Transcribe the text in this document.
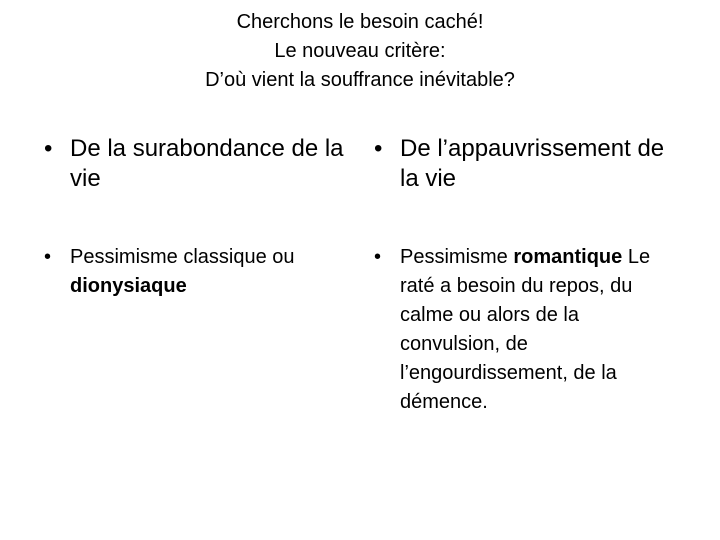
Cherchons le besoin caché!
Le nouveau critère:
D’où vient la souffrance inévitable?
• De la surabondance de la vie
• De l’appauvrissement de la vie
• Pessimisme classique ou dionysiaque
• Pessimisme romantique Le raté a besoin du repos, du calme ou alors de la convulsion, de l’engourdissement, de la démence.
